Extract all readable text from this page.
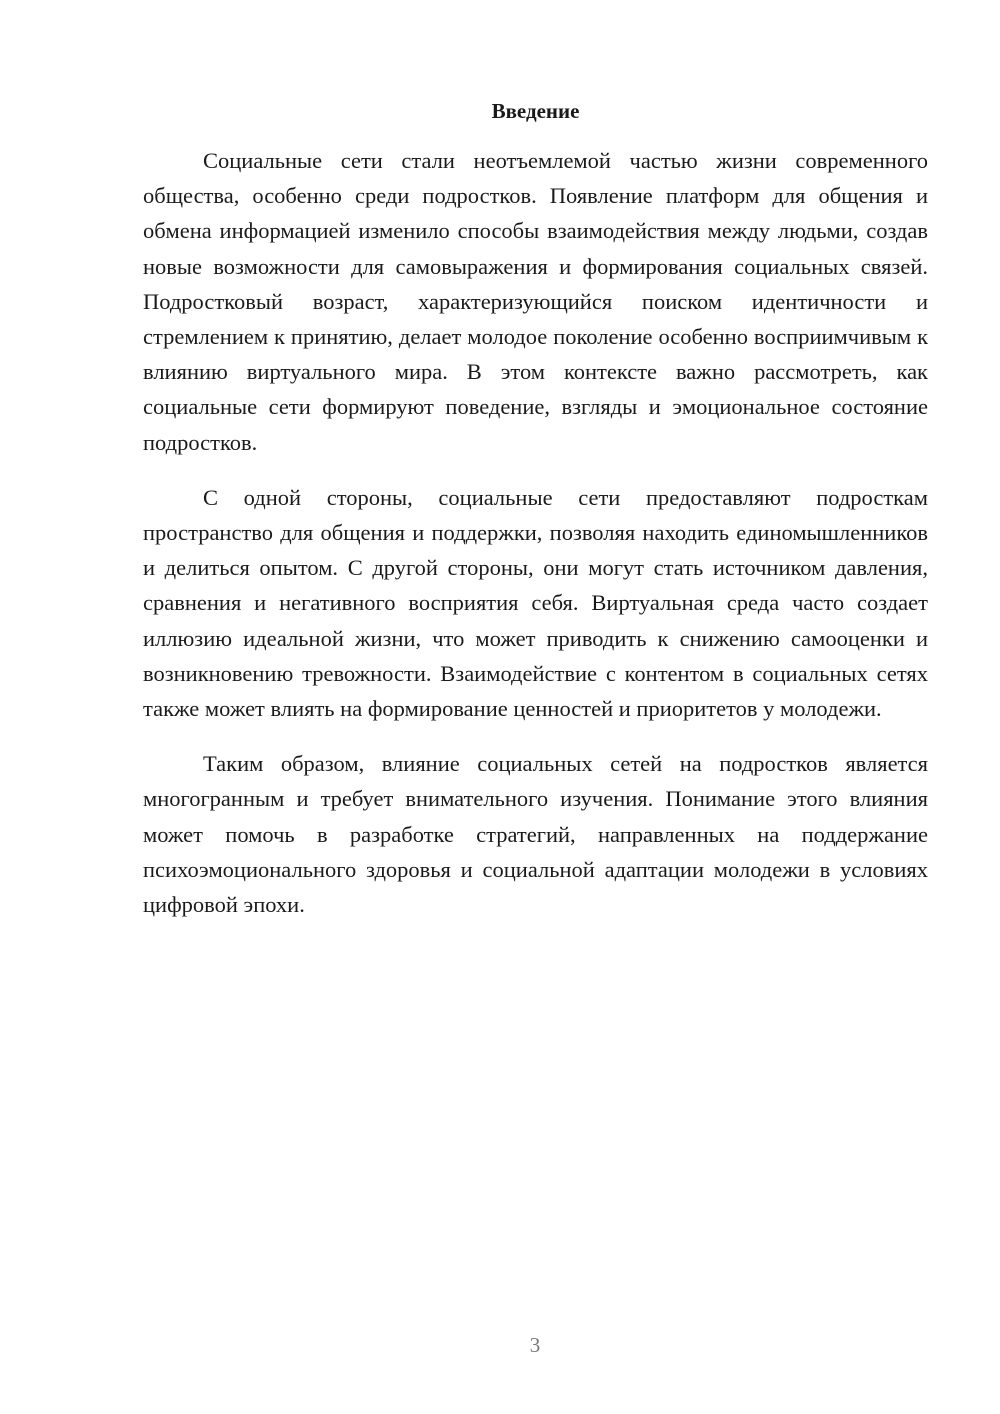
Введение

Социальные сети стали неотъемлемой частью жизни современного общества, особенно среди подростков. Появление платформ для общения и обмена информацией изменило способы взаимодействия между людьми, создав новые возможности для самовыражения и формирования социальных связей. Подростковый возраст, характеризующийся поиском идентичности и стремлением к принятию, делает молодое поколение особенно восприимчивым к влиянию виртуального мира. В этом контексте важно рассмотреть, как социальные сети формируют поведение, взгляды и эмоциональное состояние подростков.

С одной стороны, социальные сети предоставляют подросткам пространство для общения и поддержки, позволяя находить единомышленников и делиться опытом. С другой стороны, они могут стать источником давления, сравнения и негативного восприятия себя. Виртуальная среда часто создает иллюзию идеальной жизни, что может приводить к снижению самооценки и возникновению тревожности. Взаимодействие с контентом в социальных сетях также может влиять на формирование ценностей и приоритетов у молодежи.

Таким образом, влияние социальных сетей на подростков является многогранным и требует внимательного изучения. Понимание этого влияния может помочь в разработке стратегий, направленных на поддержание психоэмоционального здоровья и социальной адаптации молодежи в условиях цифровой эпохи.

3
